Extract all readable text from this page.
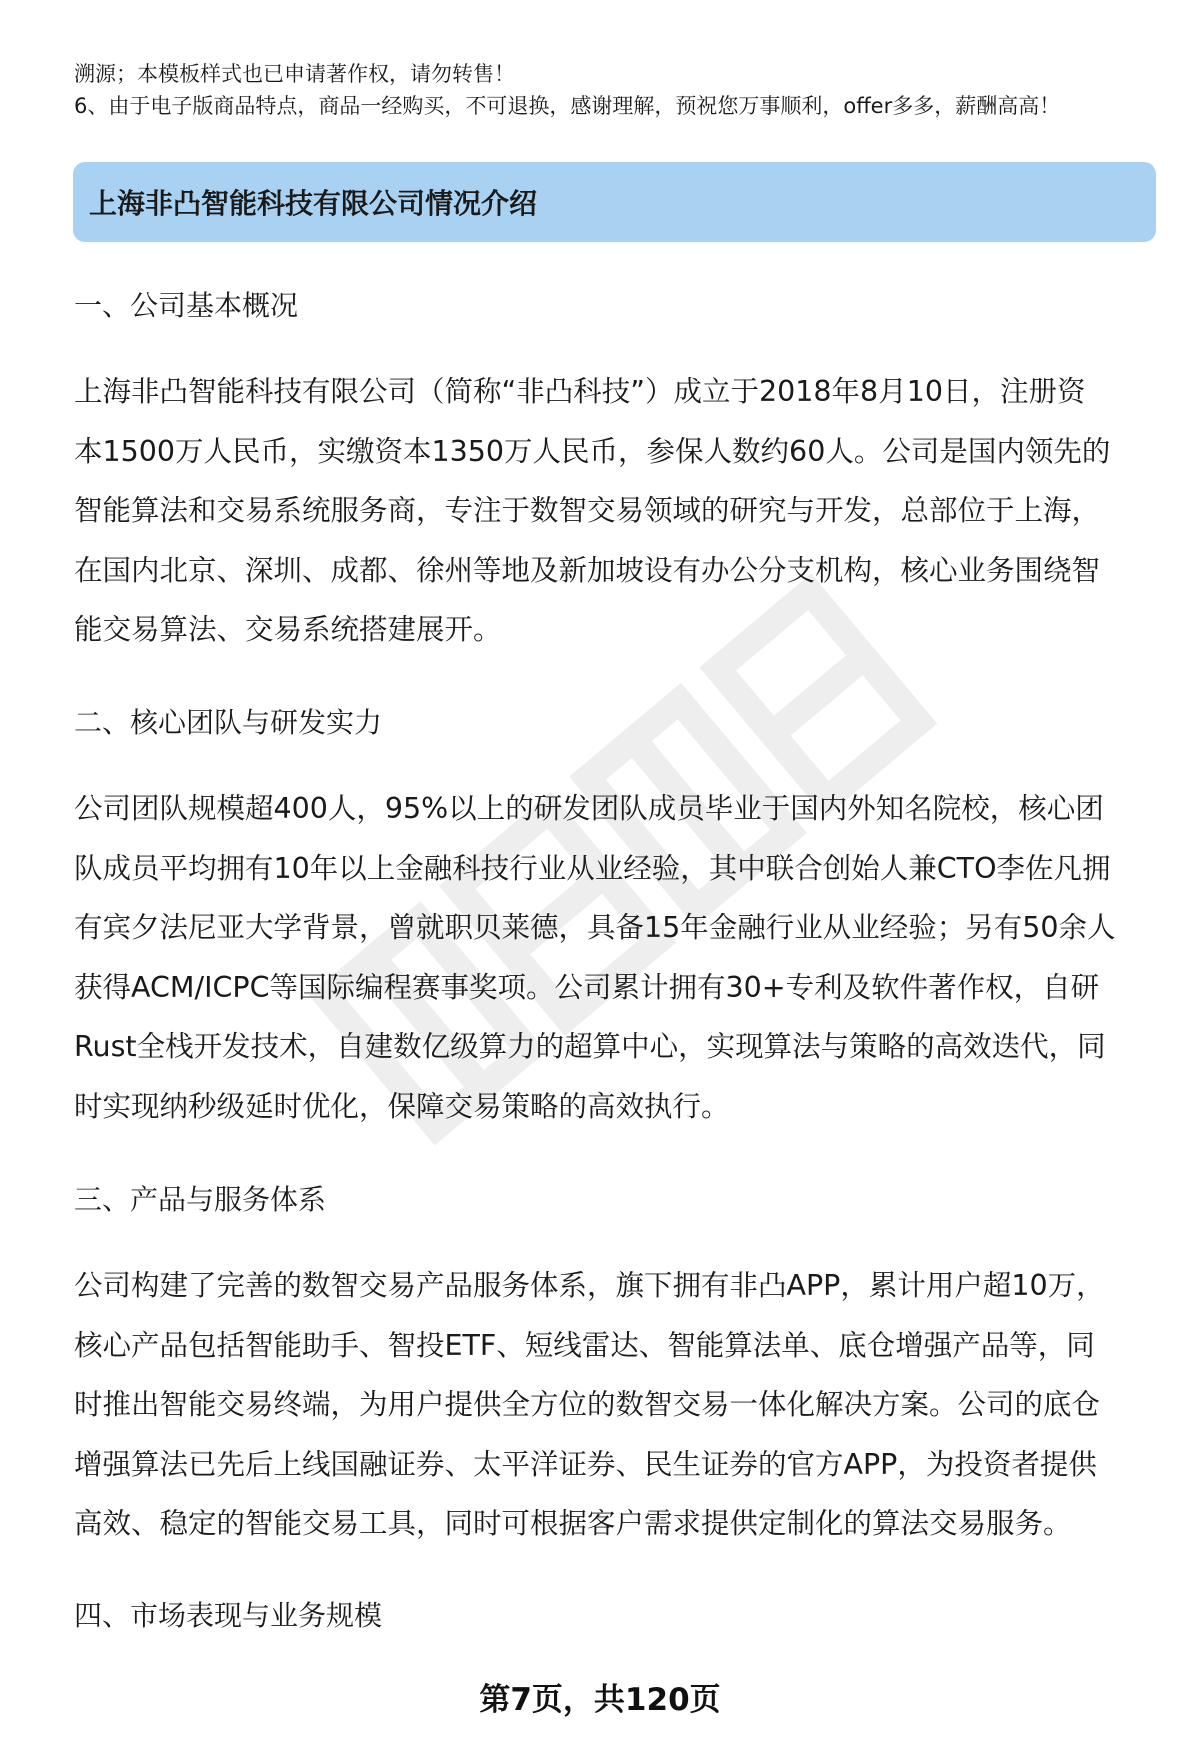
溯源；本模板样式也已申请著作权，请勿转售！
6、由于电子版商品特点，商品一经购买，不可退换，感谢理解，预祝您万事顺利，offer多多，薪酬高高！
上海非凸智能科技有限公司情况介绍
一、公司基本概况
上海非凸智能科技有限公司（简称“非凸科技”）成立于2018年8月10日，注册资
本1500万人民币，实缴资本1350万人民币，参保人数约60人。公司是国内领先的
智能算法和交易系统服务商，专注于数智交易领域的研究与开发，总部位于上海，
在国内北京、深圳、成都、徐州等地及新加坡设有办公分支机构，核心业务围绕智
能交易算法、交易系统搭建展开。
二、核心团队与研发实力
公司团队规模超400人，95%以上的研发团队成员毕业于国内外知名院校，核心团
队成员平均拥有10年以上金融科技行业从业经验，其中联合创始人兼CTO李佐凡拥
有宾夕法尼亚大学背景，曾就职贝莱德，具备15年金融行业从业经验；另有50余人
获得ACM/ICPC等国际编程赛事奖项。公司累计拥有30+专利及软件著作权，自研
Rust全栈开发技术，自建数亿级算力的超算中心，实现算法与策略的高效迭代，同
时实现纳秒级延时优化，保障交易策略的高效执行。
三、产品与服务体系
公司构建了完善的数智交易产品服务体系，旗下拥有非凸APP，累计用户超10万，
核心产品包括智能助手、智投ETF、短线雷达、智能算法单、底仓增强产品等，同
时推出智能交易终端，为用户提供全方位的数智交易一体化解决方案。公司的底仓
增强算法已先后上线国融证券、太平洋证券、民生证券的官方APP，为投资者提供
高效、稳定的智能交易工具，同时可根据客户需求提供定制化的算法交易服务。
四、市场表现与业务规模
第7页，共120页
